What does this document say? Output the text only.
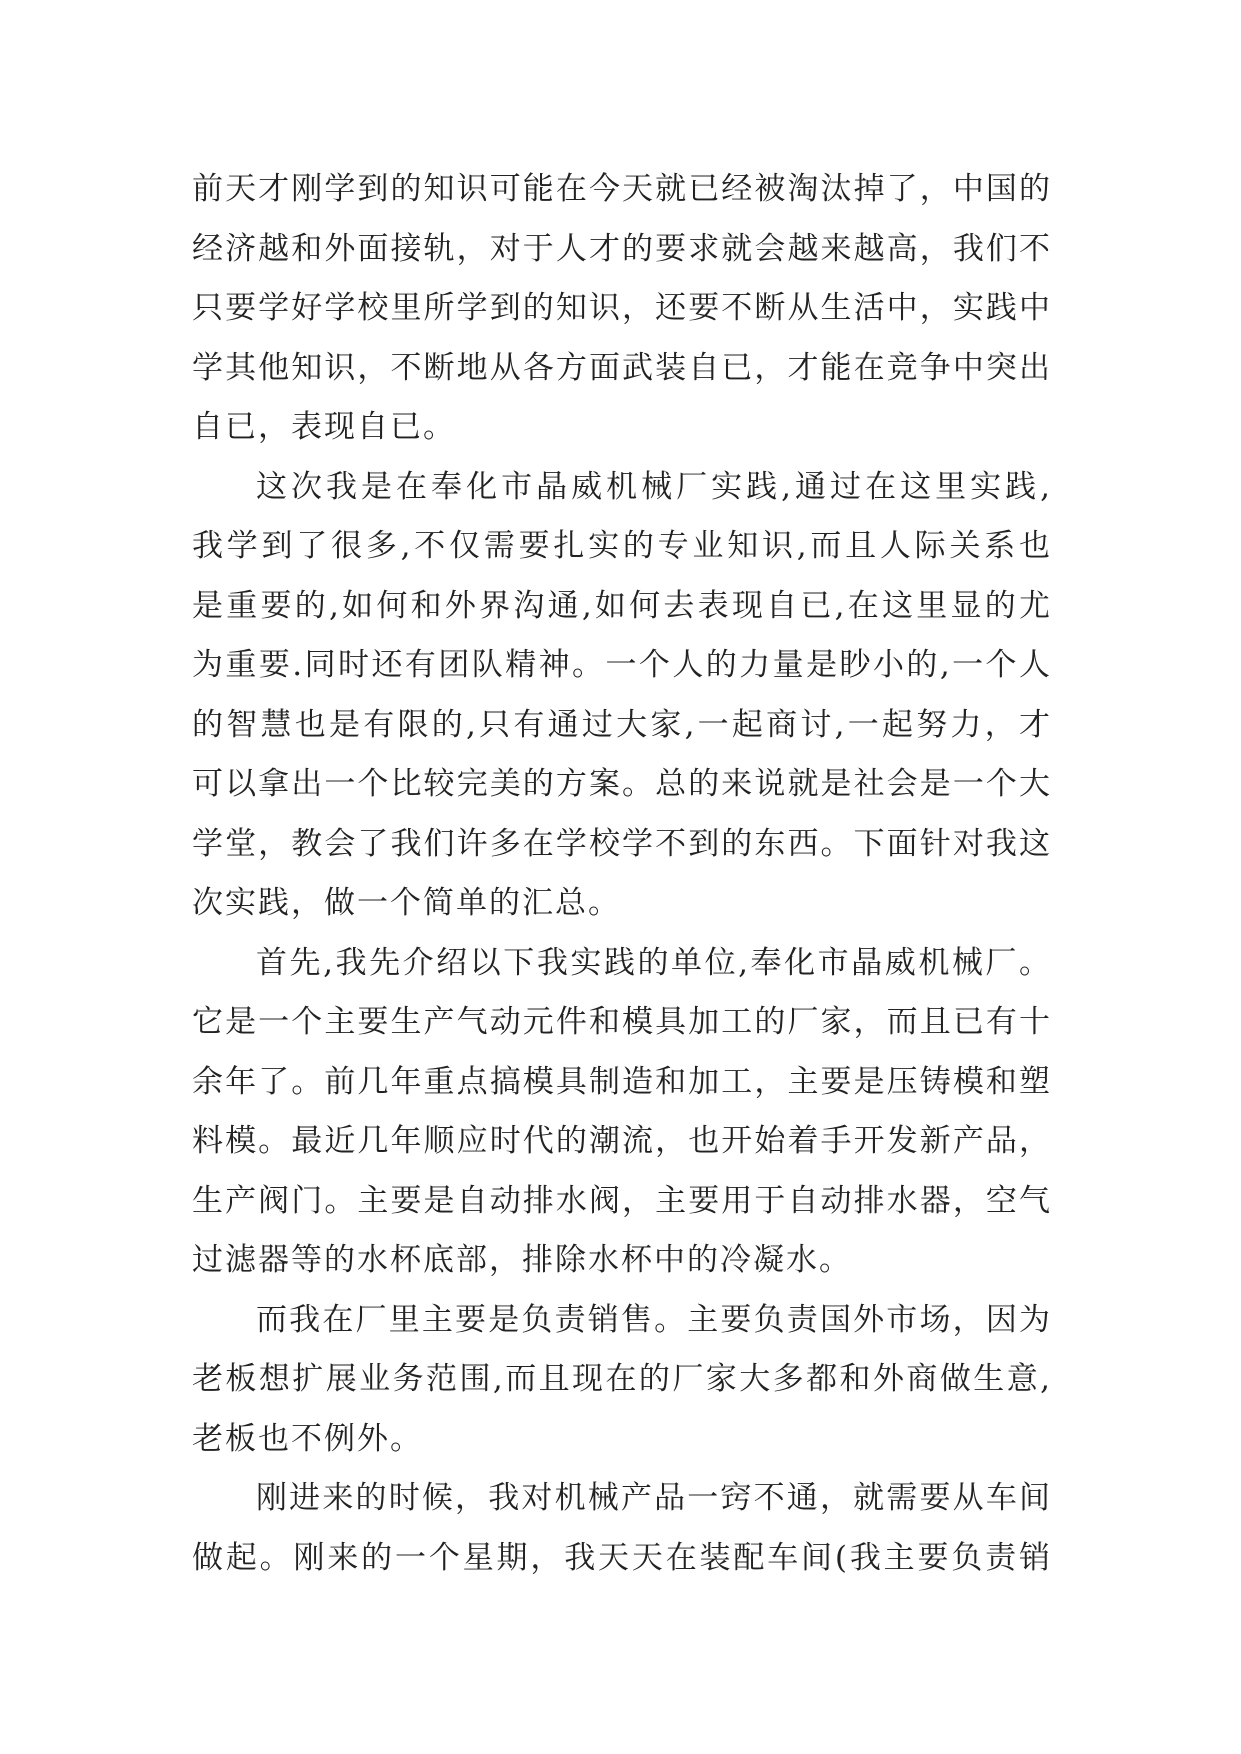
前天才刚学到的知识可能在今天就已经被淘汰掉了，中国的
经济越和外面接轨，对于人才的要求就会越来越高，我们不
只要学好学校里所学到的知识，还要不断从生活中，实践中
学其他知识，不断地从各方面武装自已，才能在竞争中突出
自已，表现自已。
这次我是在奉化市晶威机械厂实践,通过在这里实践,
我学到了很多,不仅需要扎实的专业知识,而且人际关系也
是重要的,如何和外界沟通,如何去表现自已,在这里显的尤
为重要.同时还有团队精神。一个人的力量是眇小的,一个人
的智慧也是有限的,只有通过大家,一起商讨,一起努力，才
可以拿出一个比较完美的方案。总的来说就是社会是一个大
学堂，教会了我们许多在学校学不到的东西。下面针对我这
次实践，做一个简单的汇总。
首先,我先介绍以下我实践的单位,奉化市晶威机械厂。
它是一个主要生产气动元件和模具加工的厂家，而且已有十
余年了。前几年重点搞模具制造和加工，主要是压铸模和塑
料模。最近几年顺应时代的潮流，也开始着手开发新产品，
生产阀门。主要是自动排水阀，主要用于自动排水器，空气
过滤器等的水杯底部，排除水杯中的冷凝水。
而我在厂里主要是负责销售。主要负责国外市场，因为
老板想扩展业务范围,而且现在的厂家大多都和外商做生意,
老板也不例外。
刚进来的时候，我对机械产品一窍不通，就需要从车间
做起。刚来的一个星期，我天天在装配车间(我主要负责销
